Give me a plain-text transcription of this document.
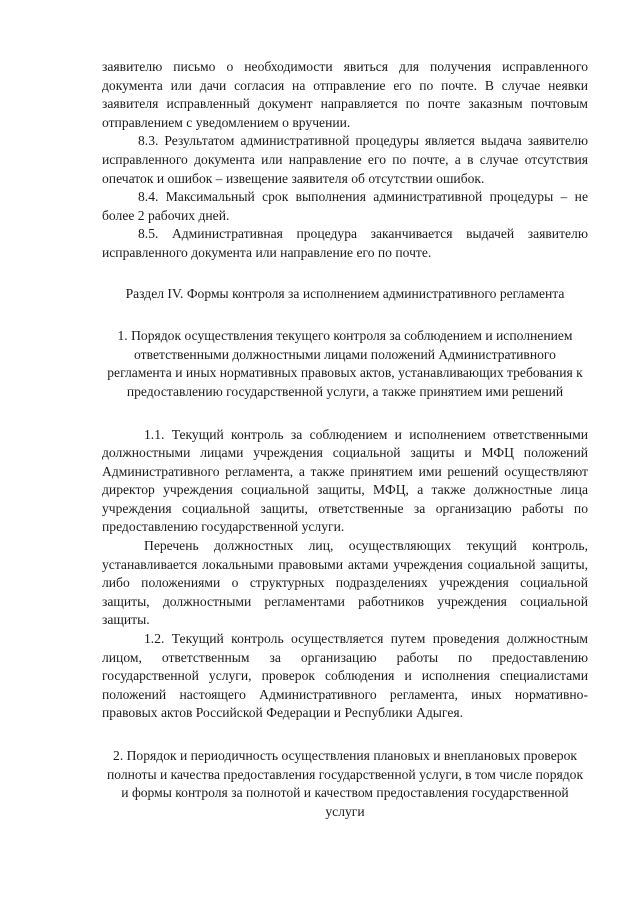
заявителю письмо о необходимости явиться для получения исправленного документа или дачи согласия на отправление его по почте. В случае неявки заявителя исправленный документ направляется по почте заказным почтовым отправлением с уведомлением о вручении.

8.3. Результатом административной процедуры является выдача заявителю исправленного документа или направление его по почте, а в случае отсутствия опечаток и ошибок – извещение заявителя об отсутствии ошибок.

8.4. Максимальный срок выполнения административной процедуры – не более 2 рабочих дней.

8.5. Административная процедура заканчивается выдачей заявителю исправленного документа или направление его по почте.

Раздел IV. Формы контроля за исполнением административного регламента

1. Порядок осуществления текущего контроля за соблюдением и исполнением ответственными должностными лицами положений Административного регламента и иных нормативных правовых актов, устанавливающих требования к предоставлению государственной услуги, а также принятием ими решений

1.1. Текущий контроль за соблюдением и исполнением ответственными должностными лицами учреждения социальной защиты и МФЦ положений Административного регламента, а также принятием ими решений осуществляют директор учреждения социальной защиты, МФЦ, а также должностные лица учреждения социальной защиты, ответственные за организацию работы по предоставлению государственной услуги.

Перечень должностных лиц, осуществляющих текущий контроль, устанавливается локальными правовыми актами учреждения социальной защиты, либо положениями о структурных подразделениях учреждения социальной защиты, должностными регламентами работников учреждения социальной защиты.

1.2. Текущий контроль осуществляется путем проведения должностным лицом, ответственным за организацию работы по предоставлению государственной услуги, проверок соблюдения и исполнения специалистами положений настоящего Административного регламента, иных нормативно-правовых актов Российской Федерации и Республики Адыгея.

2. Порядок и периодичность осуществления плановых и внеплановых проверок полноты и качества предоставления государственной услуги, в том числе порядок и формы контроля за полнотой и качеством предоставления государственной услуги
